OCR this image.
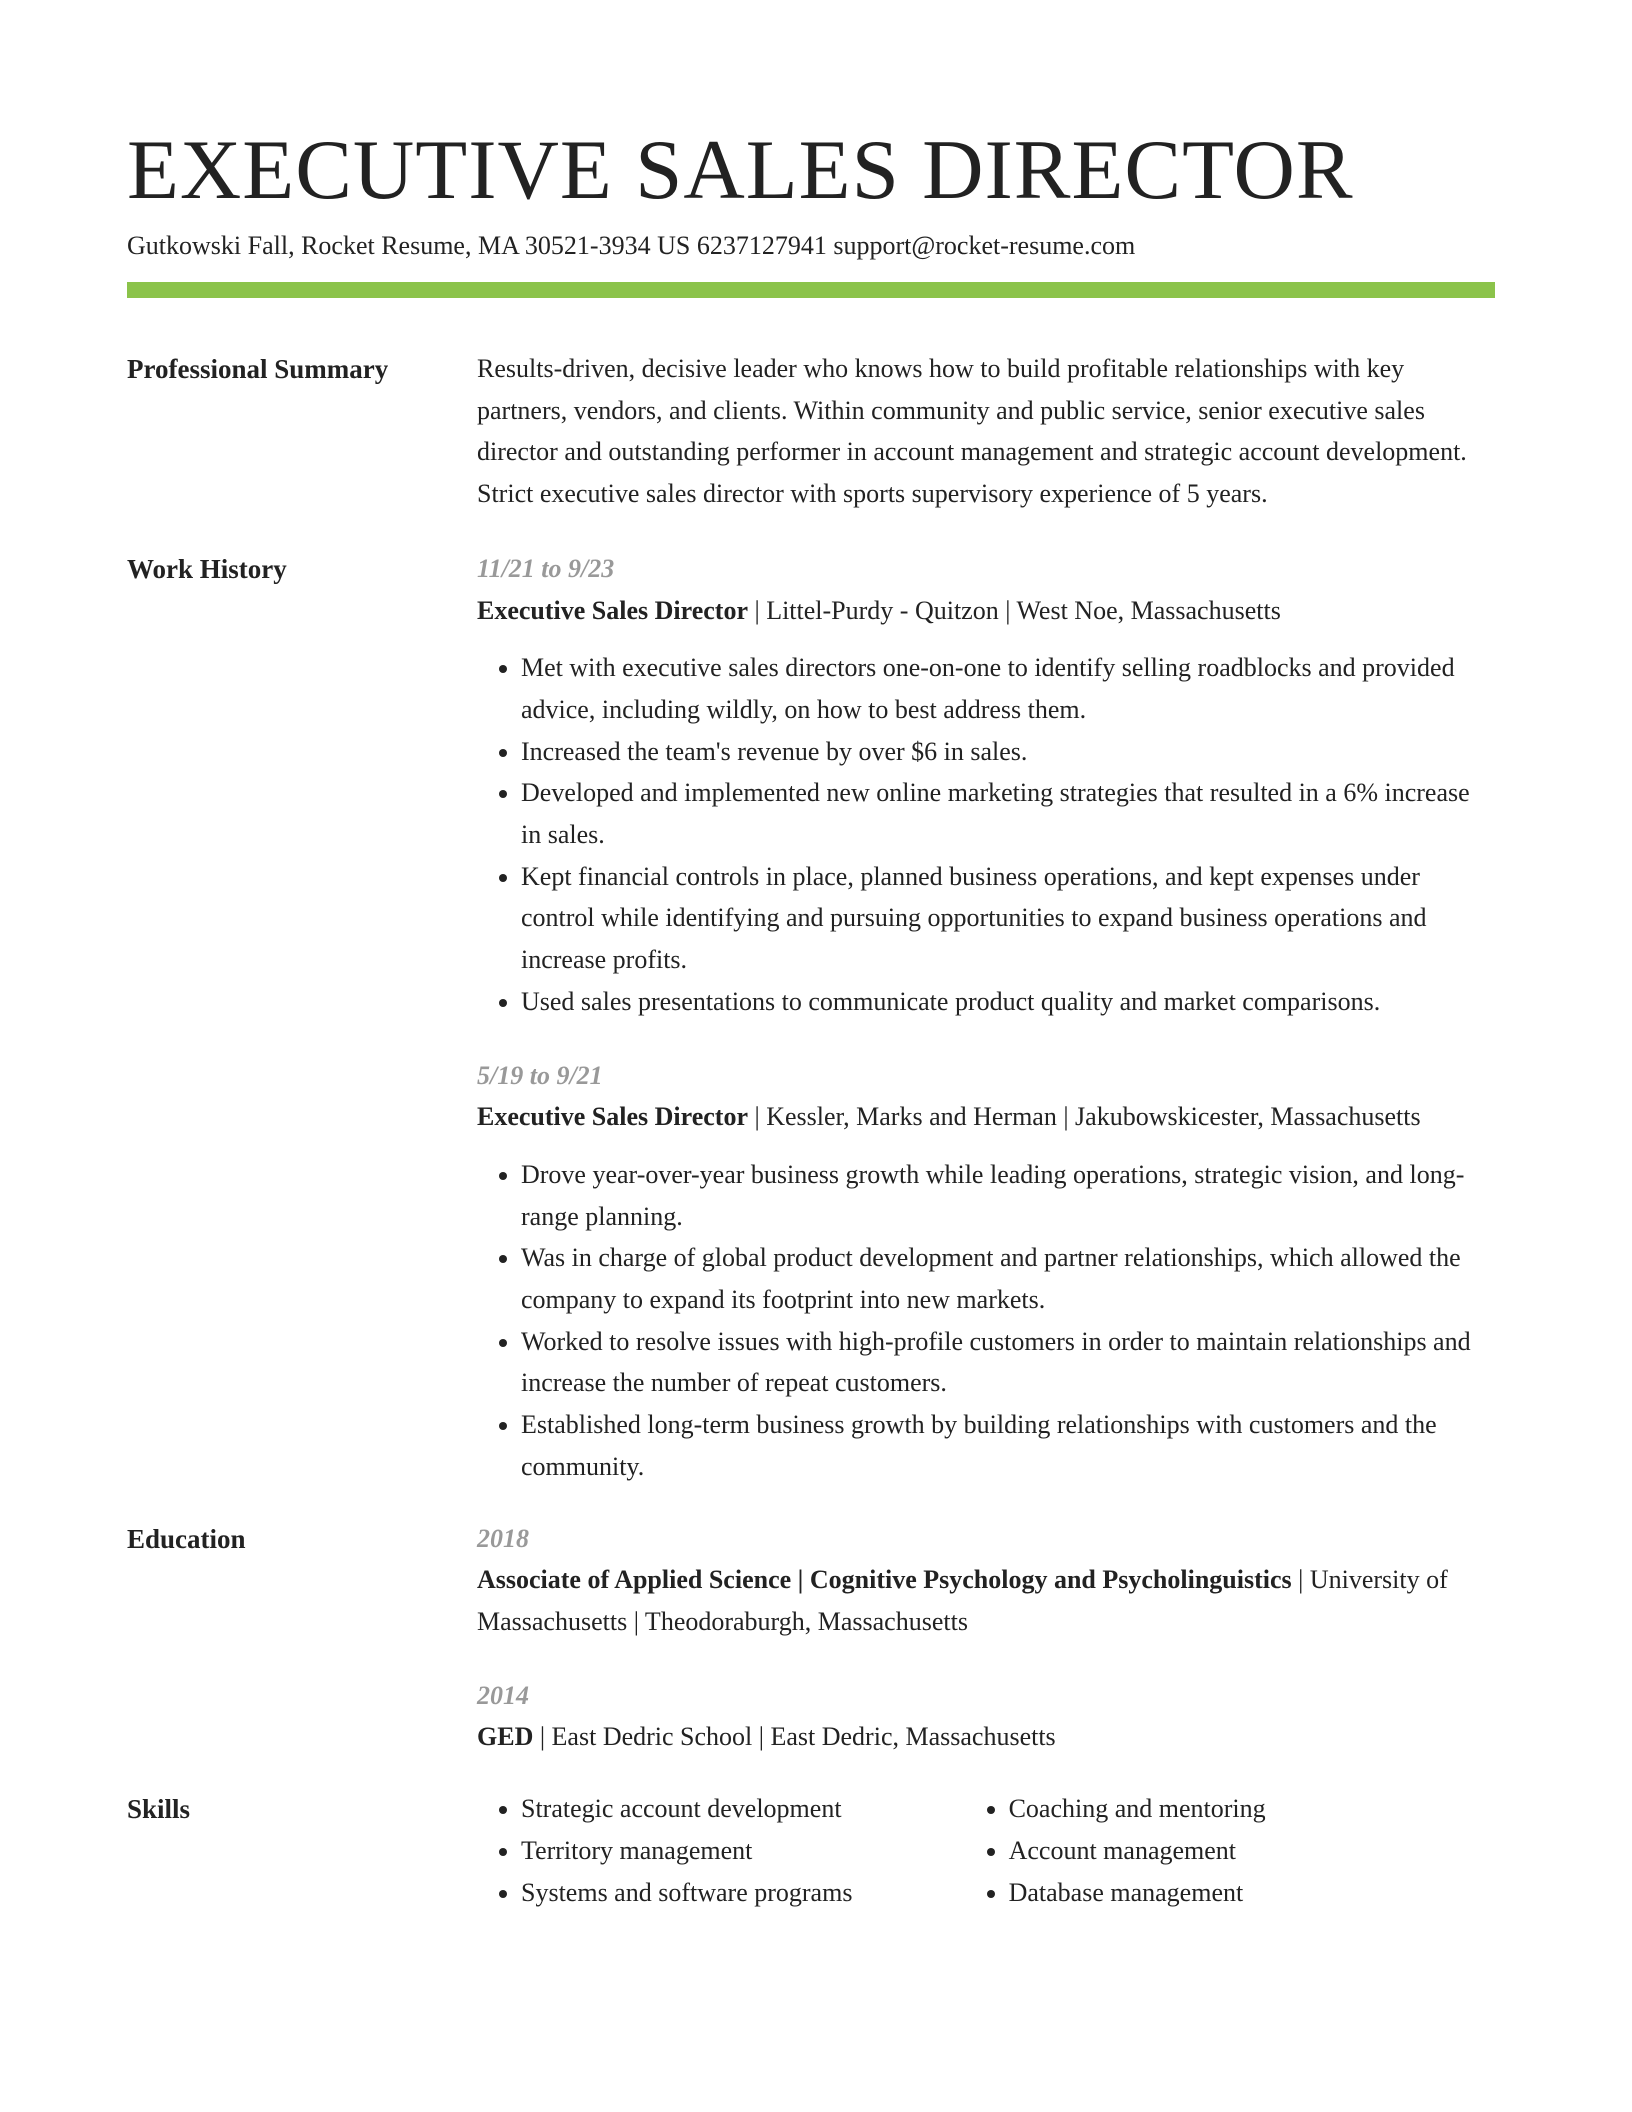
EXECUTIVE SALES DIRECTOR
Gutkowski Fall, Rocket Resume, MA 30521-3934 US 6237127941 support@rocket-resume.com
Professional Summary	Results-driven, decisive leader who knows how to build profitable relationships with key partners, vendors, and clients. Within community and public service, senior executive sales director and outstanding performer in account management and strategic account development. Strict executive sales director with sports supervisory experience of 5 years.
Work History	11/21 to 9/23
Executive Sales Director | Littel-Purdy - Quitzon | West Noe, Massachusetts
• Met with executive sales directors one-on-one to identify selling roadblocks and provided advice, including wildly, on how to best address them.
• Increased the team's revenue by over $6 in sales.
• Developed and implemented new online marketing strategies that resulted in a 6% increase in sales.
• Kept financial controls in place, planned business operations, and kept expenses under control while identifying and pursuing opportunities to expand business operations and increase profits.
• Used sales presentations to communicate product quality and market comparisons.
5/19 to 9/21
Executive Sales Director | Kessler, Marks and Herman | Jakubowskicester, Massachusetts
• Drove year-over-year business growth while leading operations, strategic vision, and long-range planning.
• Was in charge of global product development and partner relationships, which allowed the company to expand its footprint into new markets.
• Worked to resolve issues with high-profile customers in order to maintain relationships and increase the number of repeat customers.
• Established long-term business growth by building relationships with customers and the community.
Education	2018
Associate of Applied Science | Cognitive Psychology and Psycholinguistics | University of Massachusetts | Theodoraburgh, Massachusetts
2014
GED | East Dedric School | East Dedric, Massachusetts
Skills
•	Strategic account development
• Territory management
• Systems and software programs
• Coaching and mentoring
• Account management
• Database management
